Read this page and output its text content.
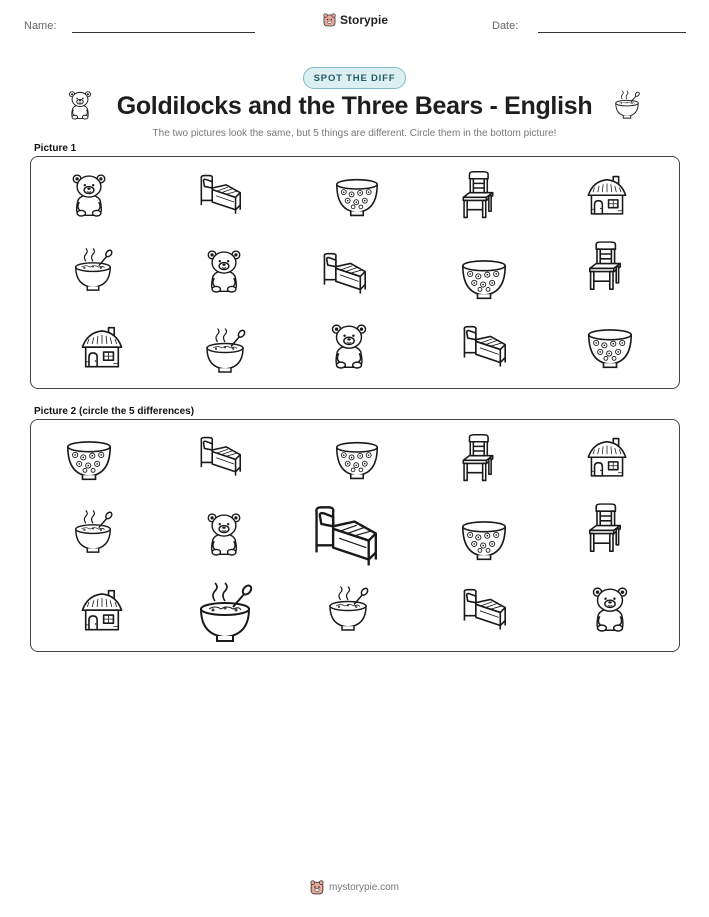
Name:	Storypie	Date:
SPOT THE DIFF
Goldilocks and the Three Bears - English
The two pictures look the same, but 5 things are different. Circle them in the bottom picture!
Picture 1
Picture 2 (circle the 5 differences)
mystorypie.com
